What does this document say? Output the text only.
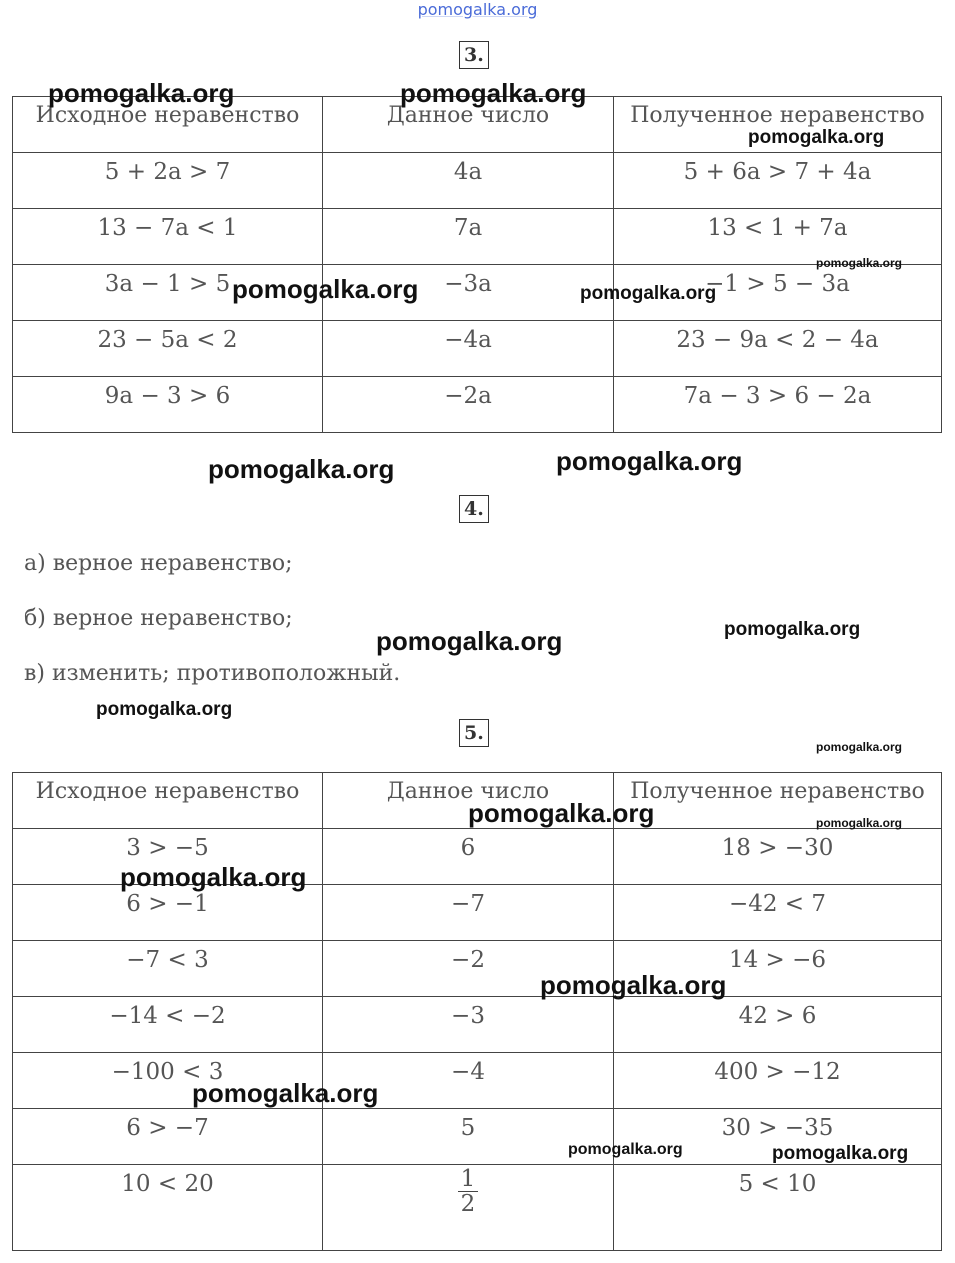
pomogalka.org
3.
Исходное неравенство	Данное число	Полученное неравенство
5 + 2a > 7	4a	5 + 6a > 7 + 4a
13 − 7a < 1	7a	13 < 1 + 7a
3a − 1 > 5	−3a	−1 > 5 − 3a
23 − 5a < 2	−4a	23 − 9a < 2 − 4a
9a − 3 > 6	−2a	7a − 3 > 6 − 2a
4.
а) верное неравенство;
б) верное неравенство;
в) изменить; противоположный.
5.
Исходное неравенство	Данное число	Полученное неравенство
3 > −5	6	18 > −30
6 > −1	−7	−42 < 7
−7 < 3	−2	14 > −6
−14 < −2	−3	42 > 6
−100 < 3	−4	400 > −12
6 > −7	5	30 > −35
10 < 20	$\frac{1}{2}$	5 < 10
pomogalka.org	pomogalka.org
pomogalka.org
pomogalka.org
pomogalka.org	pomogalka.org
pomogalka.org	pomogalka.org
pomogalka.org	pomogalka.org
pomogalka.org
pomogalka.org
pomogalka.org	pomogalka.org
pomogalka.org
pomogalka.org
pomogalka.org
pomogalka.org	pomogalka.org
